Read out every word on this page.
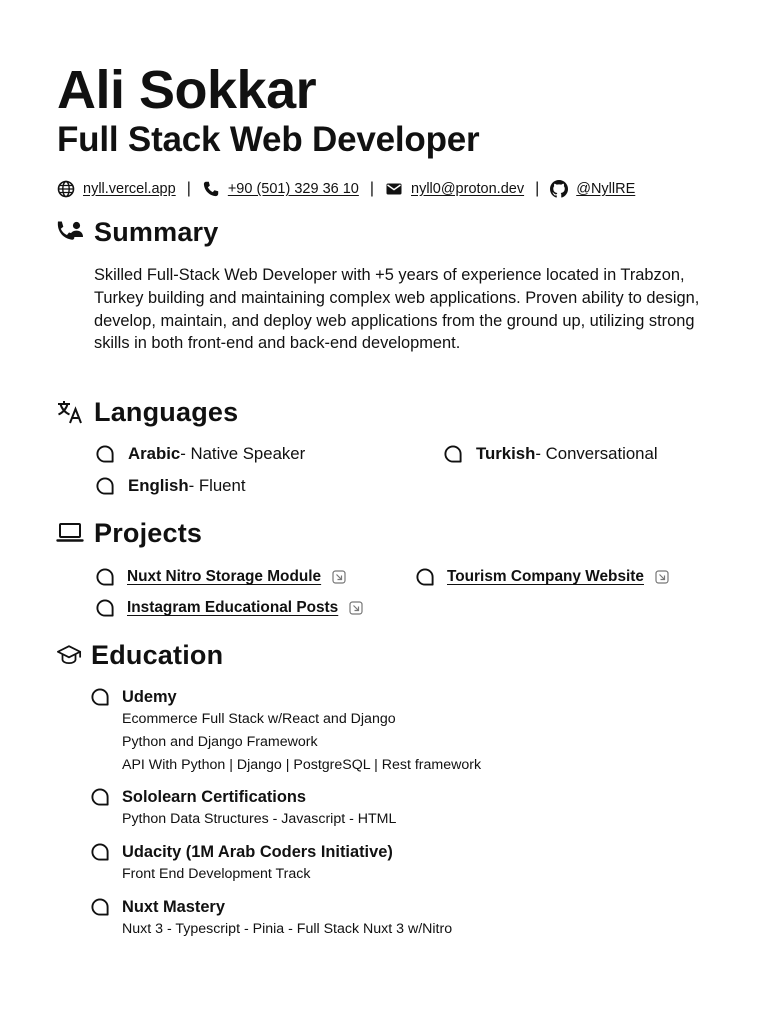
Ali Sokkar
Full Stack Web Developer
nyll.vercel.app |	+90 (501) 329 36 10 |	nyll0@proton.dev |	@NyllRE
Summary

Skilled Full-Stack Web Developer with +5 years of experience located in Trabzon, Turkey building and maintaining complex web applications. Proven ability to design, develop, maintain, and deploy web applications from the ground up, utilizing strong skills in both front-end and back-end development.

Languages
Arabic - Native Speaker	Turkish - Conversational
English - Fluent
Projects
Nuxt Nitro Storage Module	Tourism Company Website
Instagram Educational Posts
Education
Udemy
Ecommerce Full Stack w/React and Django
Python and Django Framework
API With Python | Django | PostgreSQL | Rest framework
Sololearn Certifications
Python Data Structures - Javascript - HTML
Udacity (1M Arab Coders Initiative)
Front End Development Track
Nuxt Mastery
Nuxt 3 - Typescript - Pinia - Full Stack Nuxt 3 w/Nitro
